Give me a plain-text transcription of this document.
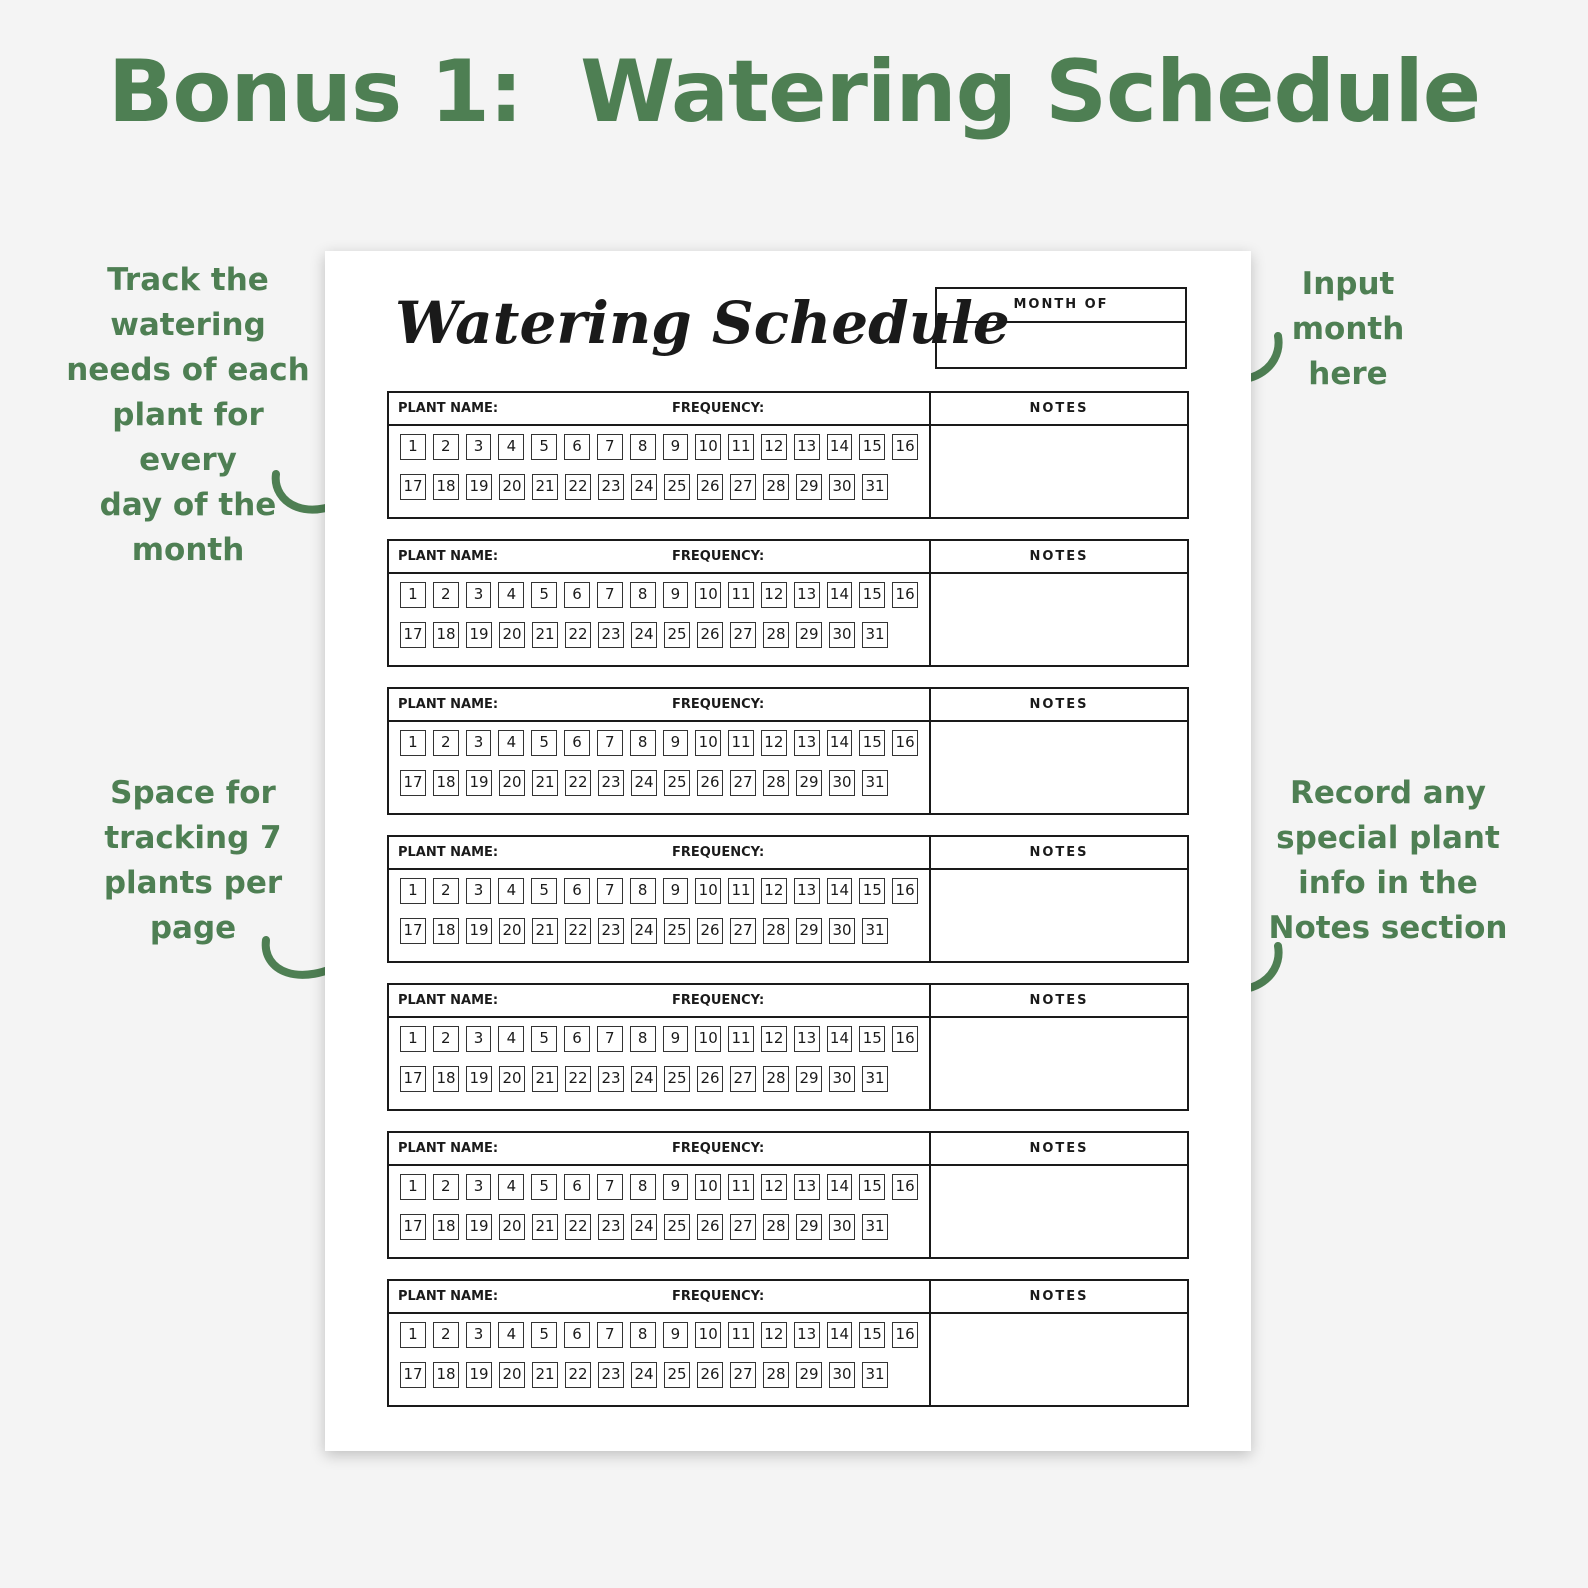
Bonus 1:  Watering Schedule

Track the
watering
needs of each
plant for every
day of the
month

Input
month
here

Space for
tracking 7
plants per
page

Record any
special plant
info in the
Notes section

Watering Schedule MONTH OF
PLANT NAME:	FREQUENCY:	NOTES
1	2	3	4	5	6	7	8	9	10 11 12 13 14 15 16
17 18 19 20 21 22 23 24 25 26 27 28 29 30 31
PLANT NAME:	FREQUENCY:	NOTES
1	2	3	4	5	6	7	8	9	10 11 12 13 14 15 16
17 18 19 20 21 22 23 24 25 26 27 28 29 30 31
PLANT NAME:	FREQUENCY:	NOTES
1	2	3	4	5	6	7	8	9	10 11 12 13 14 15 16
17 18 19 20 21 22 23 24 25 26 27 28 29 30 31
PLANT NAME:	FREQUENCY:	NOTES
1	2	3	4	5	6	7	8	9	10 11 12 13 14 15 16
17 18 19 20 21 22 23 24 25 26 27 28 29 30 31
PLANT NAME:	FREQUENCY:	NOTES
1	2	3	4	5	6	7	8	9	10 11 12 13 14 15 16
17 18 19 20 21 22 23 24 25 26 27 28 29 30 31
PLANT NAME:	FREQUENCY:	NOTES
1	2	3	4	5	6	7	8	9	10 11 12 13 14 15 16
17 18 19 20 21 22 23 24 25 26 27 28 29 30 31
PLANT NAME:	FREQUENCY:	NOTES
1	2	3	4	5	6	7	8	9	10 11 12 13 14 15 16
17 18 19 20 21 22 23 24 25 26 27 28 29 30 31
